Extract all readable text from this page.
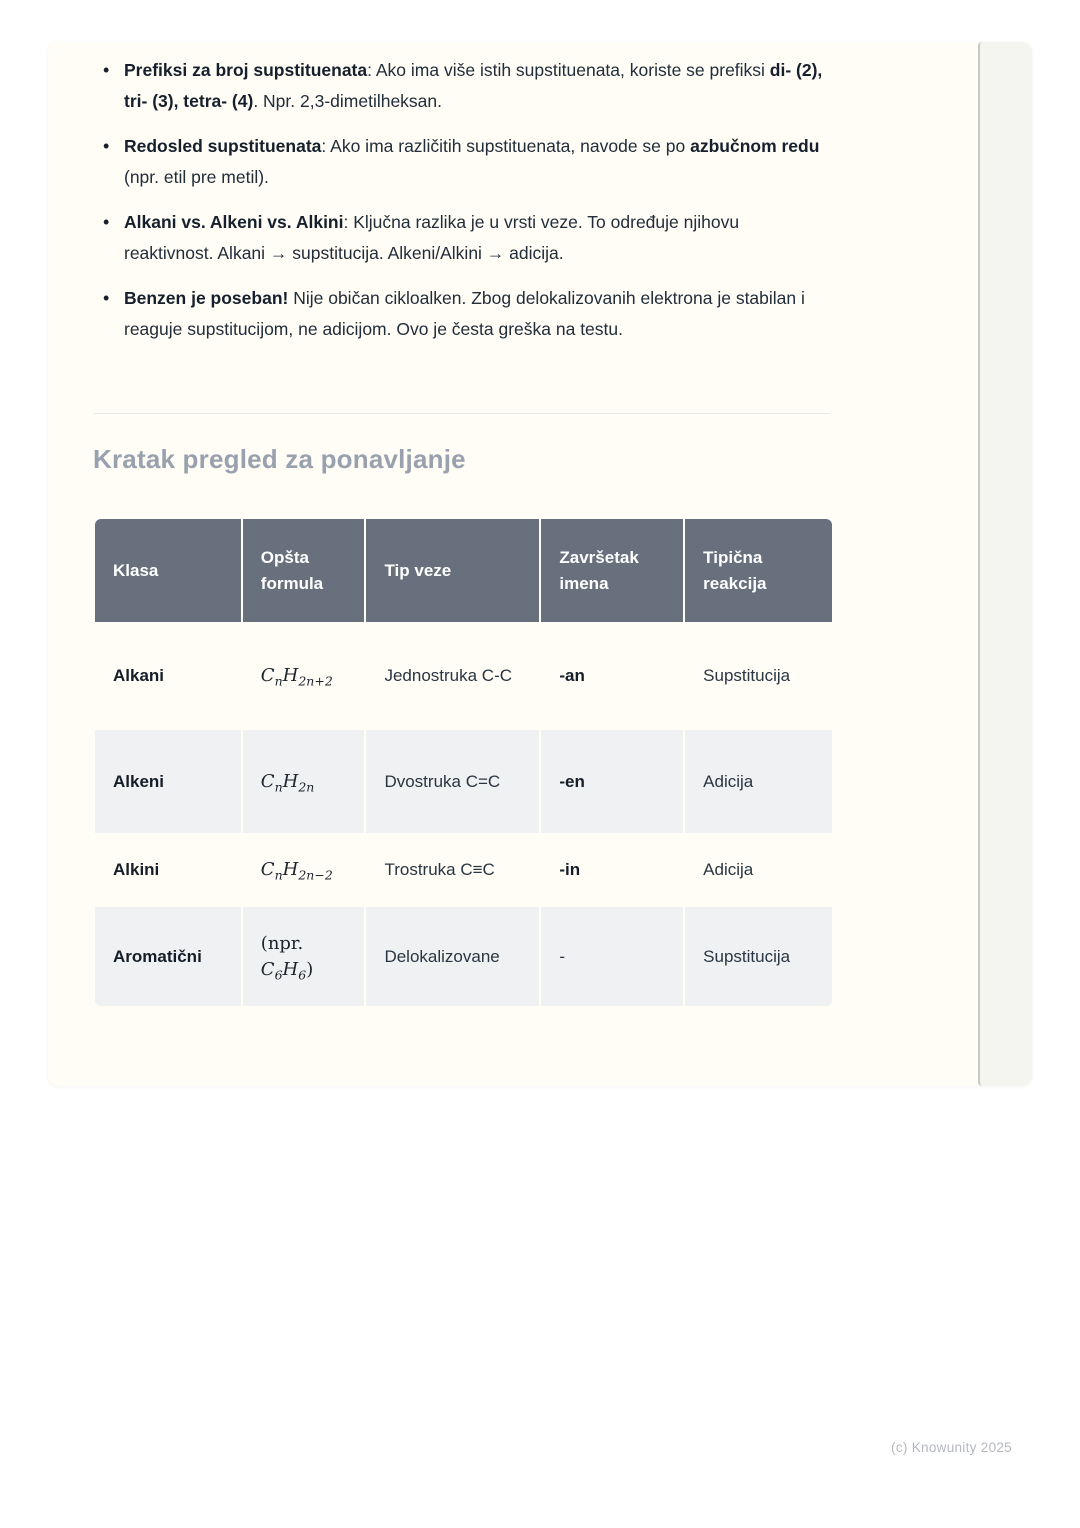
• Prefiksi za broj supstituenata: Ako ima više istih supstituenata, koriste se prefiksi di- (2), tri- (3), tetra- (4). Npr. 2,3-dimetilheksan.
• Redosled supstituenata: Ako ima različitih supstituenata, navode se po azbučnom redu (npr. etil pre metil).
• Alkani vs. Alkeni vs. Alkini: Ključna razlika je u vrsti veze. To određuje njihovu reaktivnost. Alkani → supstitucija. Alkeni/Alkini → adicija.
• Benzen je poseban! Nije običan cikloalken. Zbog delokalizovanih elektrona je stabilan i reaguje supstitucijom, ne adicijom. Ovo je česta greška na testu.
Kratak pregled za ponavljanje
Klasa	Opšta formula	Tip veze	Završetak imena	Tipična reakcija
Alkani	$C_nH_{2n+2}$	Jednostruka C-C	-an	Supstitucija
Alkeni	$C_nH_{2n}$	Dvostruka C=C	-en	Adicija
Alkini	$C_nH_{2n-2}$	Trostruka C≡C	-in	Adicija
Aromatični	(npr. $C_6H_6$)	Delokalizovane	-	Supstitucija
(c) Knowunity 2025
